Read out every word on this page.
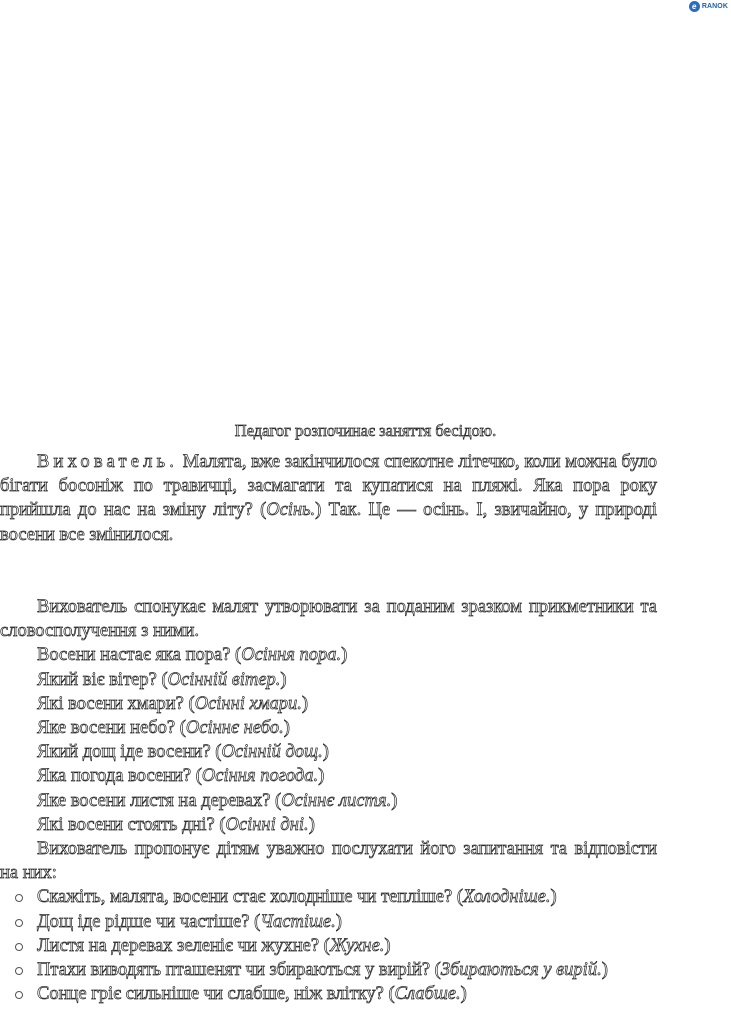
e RANOK
Педагог розпочинає заняття бесідою.

Вихователь. Малята, вже закінчилося спекотне літечко, коли можна було бігати босоніж по травичці, засмагати та купатися на пляжі. Яка пора року прийшла до нас на зміну літу? (Осінь.) Так. Це — осінь. І, звичайно, у природі восени все змінилося.

Вихователь спонукає малят утворювати за поданим зразком прикметники та словосполучення з ними.

Восени настає яка пора? (Осіння пора.)
Який віє вітер? (Осінній вітер.)
Які восени хмари? (Осінні хмари.)
Яке восени небо? (Осіннє небо.)
Який дощ іде восени? (Осінній дощ.)
Яка погода восени? (Осіння погода.)
Яке восени листя на деревах? (Осіннє листя.)
Які восени стоять дні? (Осінні дні.)

Вихователь пропонує дітям уважно послухати його запитання та відповісти на них:

Скажіть, малята, восени стає холодніше чи тепліше? (Холодніше.)
Дощ іде рідше чи частіше? (Частіше.)
Листя на деревах зеленіє чи жухне? (Жухне.)
Птахи виводять пташенят чи збираються у вирій? (Збираються у вирій.)
Сонце гріє сильніше чи слабше, ніж влітку? (Слабше.)
